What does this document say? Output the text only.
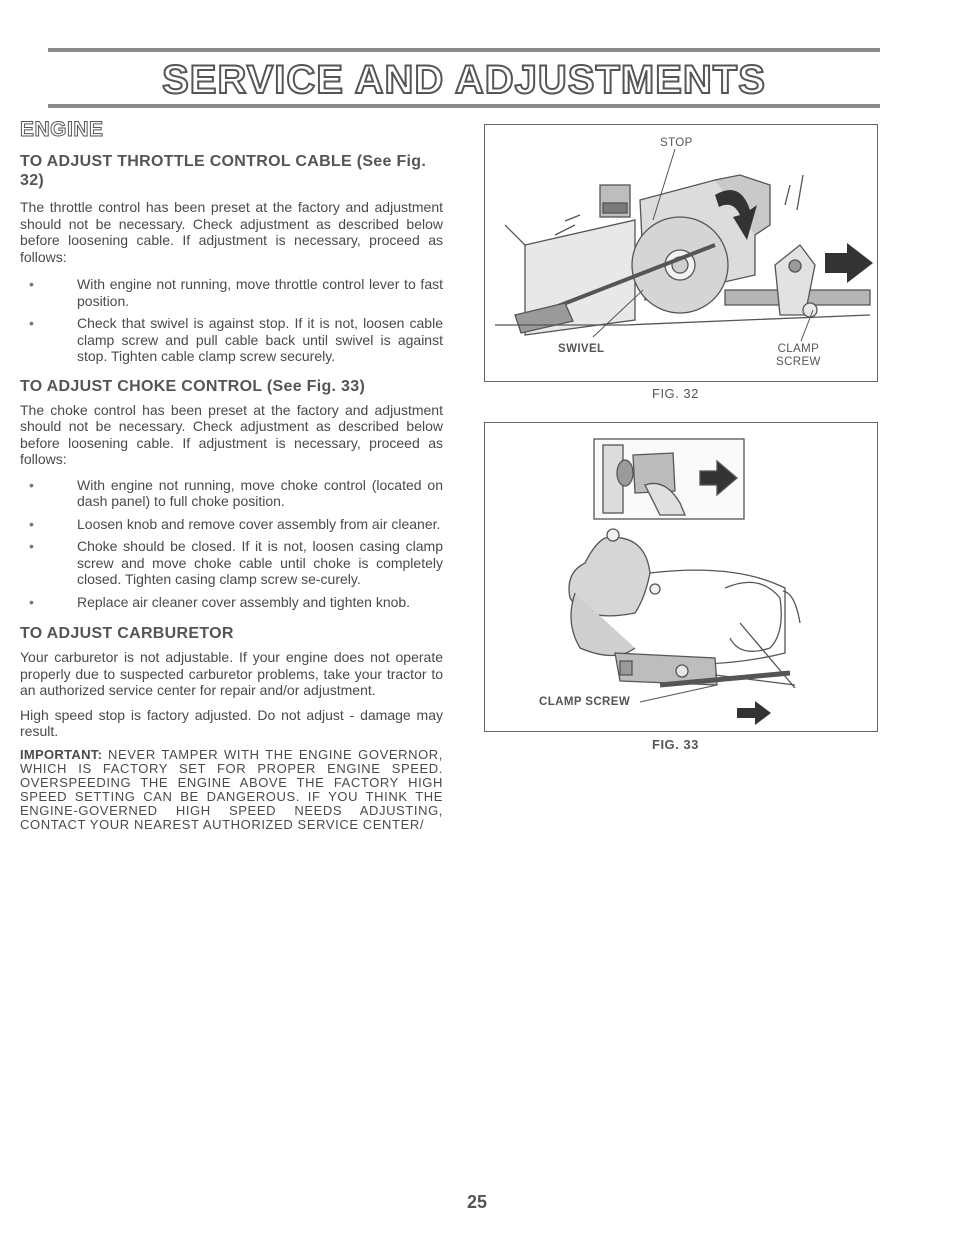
SERVICE AND ADJUSTMENTS
ENGINE
TO ADJUST THROTTLE CONTROL CABLE (See Fig. 32)

The throttle control has been preset at the factory and adjustment should not be necessary. Check adjustment as described below before loosening cable. If adjustment is necessary, proceed as follows:

• With engine not running, move throttle control lever to fast position.
• Check that swivel is against stop. If it is not, loosen cable clamp screw and pull cable back until swivel is against stop. Tighten cable clamp screw securely.
TO ADJUST CHOKE CONTROL (See Fig. 33)

The choke control has been preset at the factory and adjustment should not be necessary. Check adjustment as described below before loosening cable. If adjustment is necessary, proceed as follows:

• With engine not running, move choke control (located on dash panel) to full choke position.
• Loosen knob and remove cover assembly from air cleaner.
• Choke should be closed. If it is not, loosen casing clamp screw and move choke cable until choke is completely closed. Tighten casing clamp screw se-curely.
• Replace air cleaner cover assembly and tighten knob.
TO ADJUST CARBURETOR

Your carburetor is not adjustable. If your engine does not operate properly due to suspected carburetor problems, take your tractor to an authorized service center for repair and/or adjustment.

High speed stop is factory adjusted. Do not adjust - damage may result.

IMPORTANT: NEVER TAMPER WITH THE ENGINE GOVERNOR, WHICH IS FACTORY SET FOR PROPER ENGINE SPEED. OVERSPEEDING THE ENGINE ABOVE THE FACTORY HIGH SPEED SETTING CAN BE DANGEROUS. IF YOU THINK THE ENGINE-GOVERNED HIGH SPEED NEEDS ADJUSTING, CONTACT YOUR NEAREST AUTHORIZED SERVICE CENTER/

STOP
SWIVEL	CLAMP
SCREW
FIG. 32
CLAMP SCREW
FIG. 33
25
